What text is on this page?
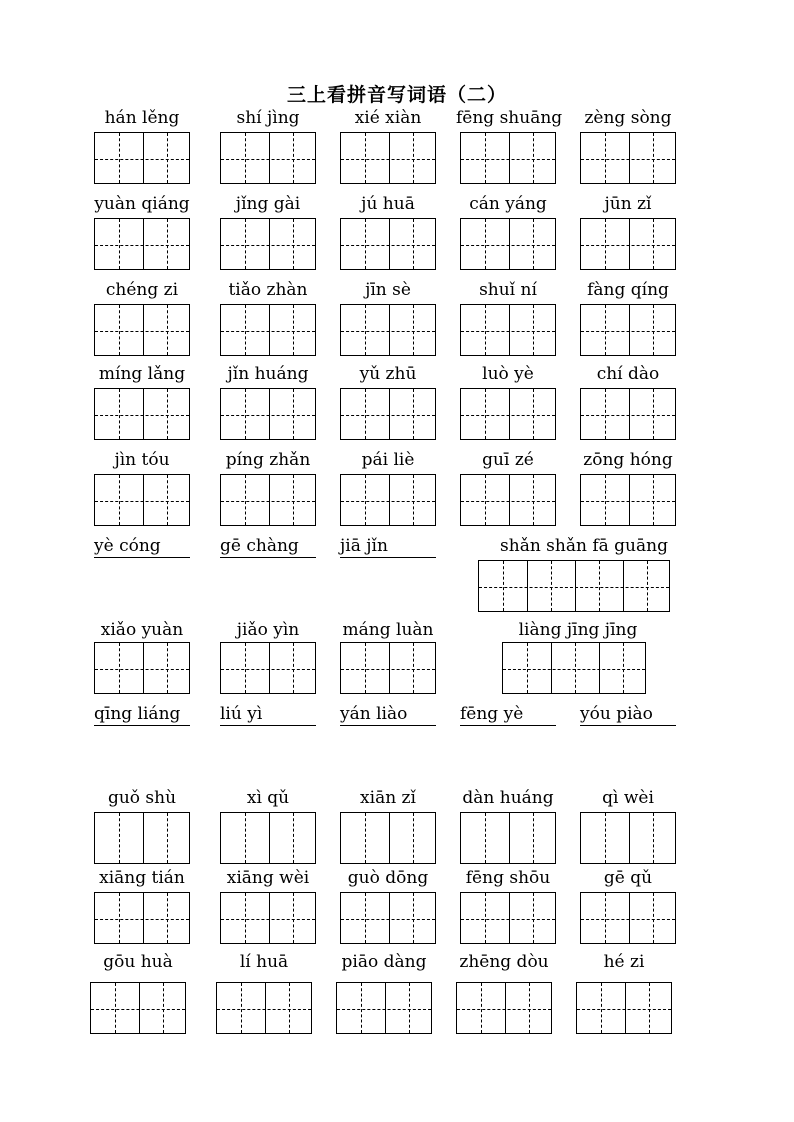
三上看拼音写词语（二）
hán lěng	shí jìng	xié xiàn	fēng shuāng	zèng sòng
yuàn qiáng	jǐng gài	jú huā	cán yáng	jūn zǐ
chéng zi	tiǎo zhàn	jīn sè	shuǐ ní	fàng qíng
míng lǎng	jǐn huáng	yǔ zhū	luò yè	chí dào
jìn tóu	píng zhǎn	pái liè	guī zé	zōng hóng
yè cóng	gē chàng	jiā jǐn	shǎn shǎn fā guāng
xiǎo yuàn	jiǎo yìn	máng luàn	liàng jīng jīng
qīng liáng	liú yì	yán liào	fēng yè	yóu piào
guǒ shù	xì qǔ	xiān zǐ	dàn huáng	qì wèi
xiāng tián	xiāng wèi	guò dōng	fēng shōu	gē qǔ
gōu huà	lí huā	piāo dàng	zhēng dòu	hé zi
